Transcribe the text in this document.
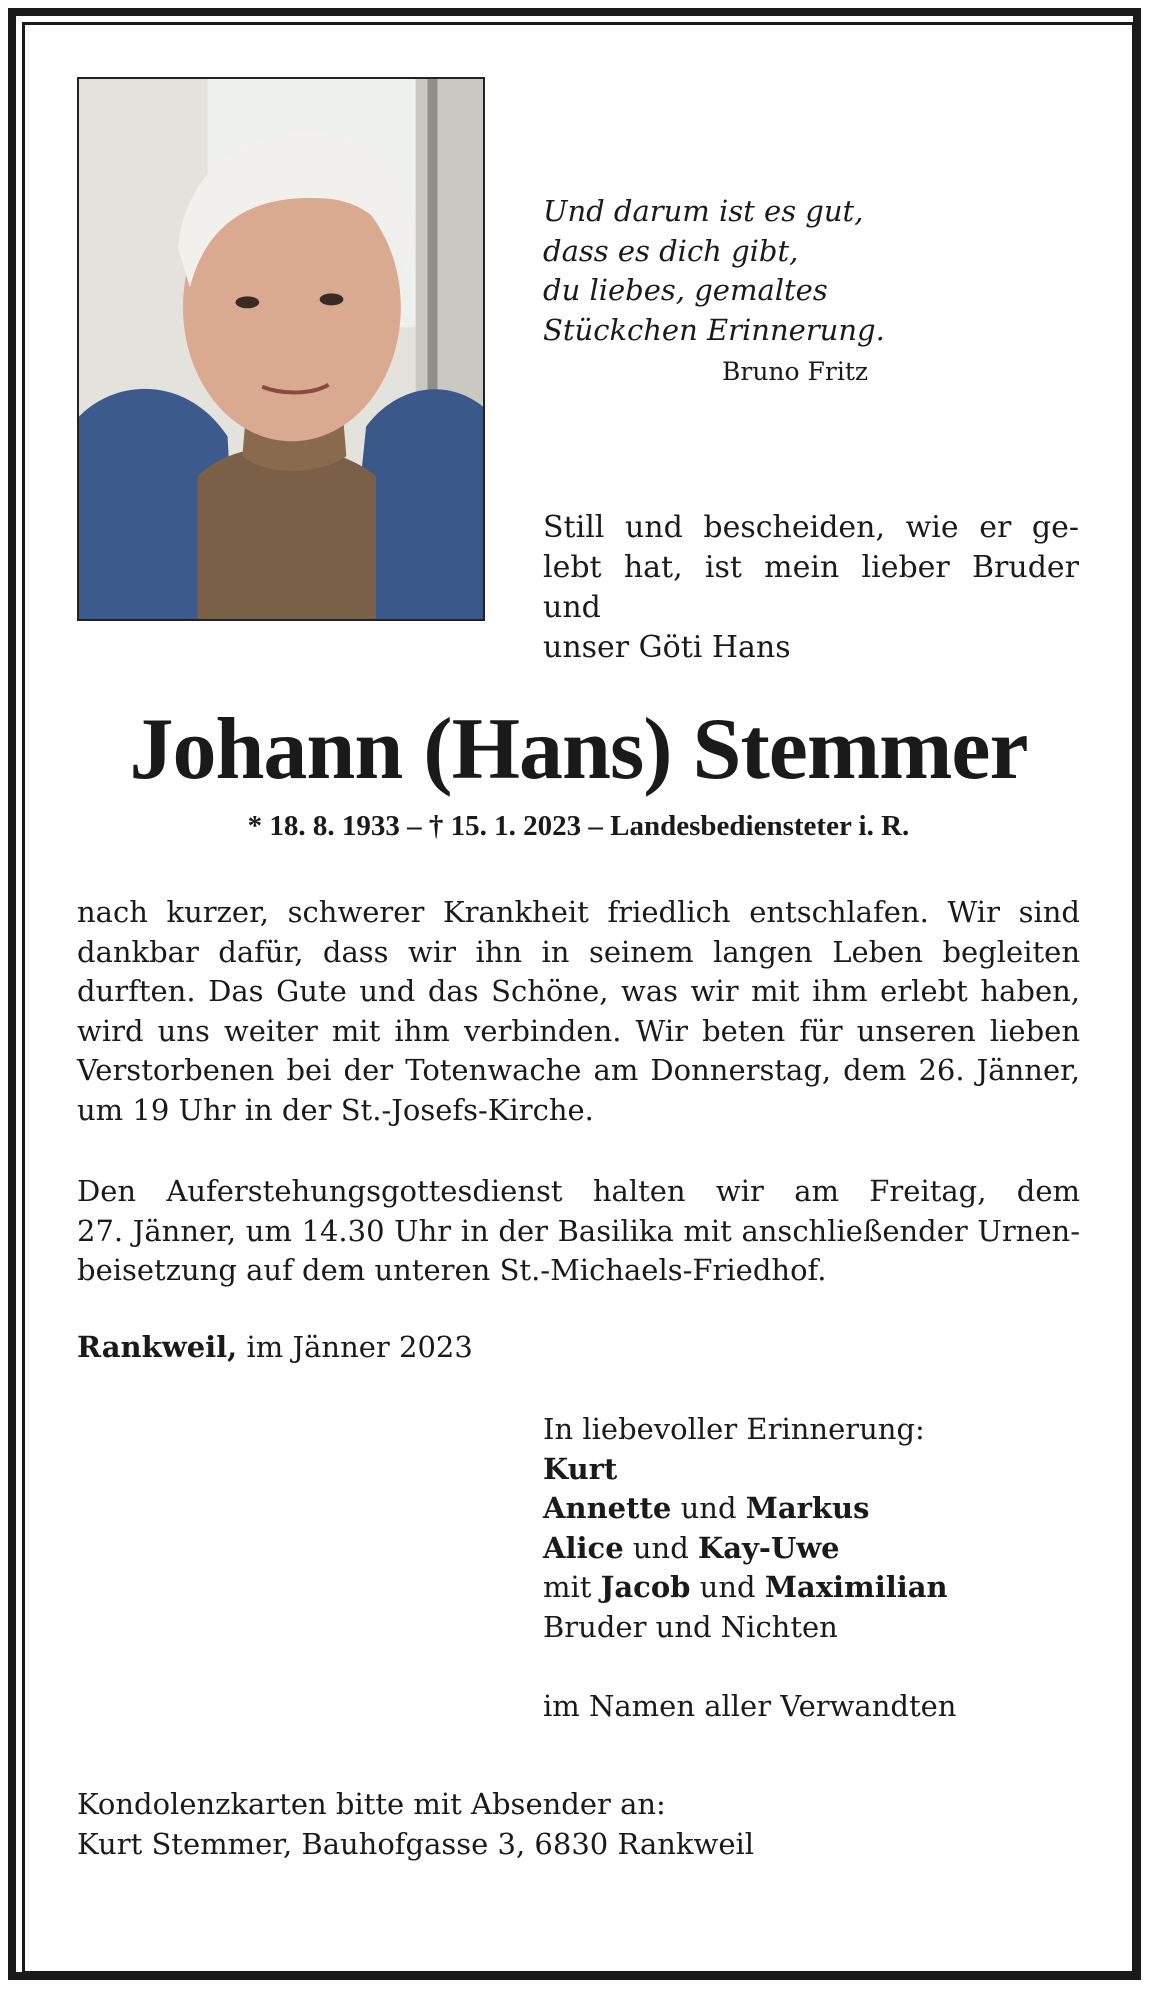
Und darum ist es gut,
dass es dich gibt,
du liebes, gemaltes
Stückchen Erinnerung.
Bruno Fritz
Still und bescheiden, wie er ge-
lebt hat, ist mein lieber Bruder und
unser Göti Hans
Johann (Hans) Stemmer
* 18. 8. 1933 – † 15. 1. 2023 – Landesbediensteter i. R.
nach kurzer, schwerer Krankheit friedlich entschlafen. Wir sind
dankbar dafür, dass wir ihn in seinem langen Leben begleiten
durften. Das Gute und das Schöne, was wir mit ihm erlebt haben,
wird uns weiter mit ihm verbinden. Wir beten für unseren lieben
Verstorbenen bei der Totenwache am Donnerstag, dem 26. Jänner,
um 19 Uhr in der St.-Josefs-Kirche.
Den Auferstehungsgottesdienst halten wir am Freitag, dem
27. Jänner, um 14.30 Uhr in der Basilika mit anschließender Urnen-
beisetzung auf dem unteren St.-Michaels-Friedhof.
Rankweil, im Jänner 2023
In liebevoller Erinnerung:
Kurt
Annette und Markus
Alice und Kay-Uwe
mit Jacob und Maximilian
Bruder und Nichten
im Namen aller Verwandten
Kondolenzkarten bitte mit Absender an:
Kurt Stemmer, Bauhofgasse 3, 6830 Rankweil
